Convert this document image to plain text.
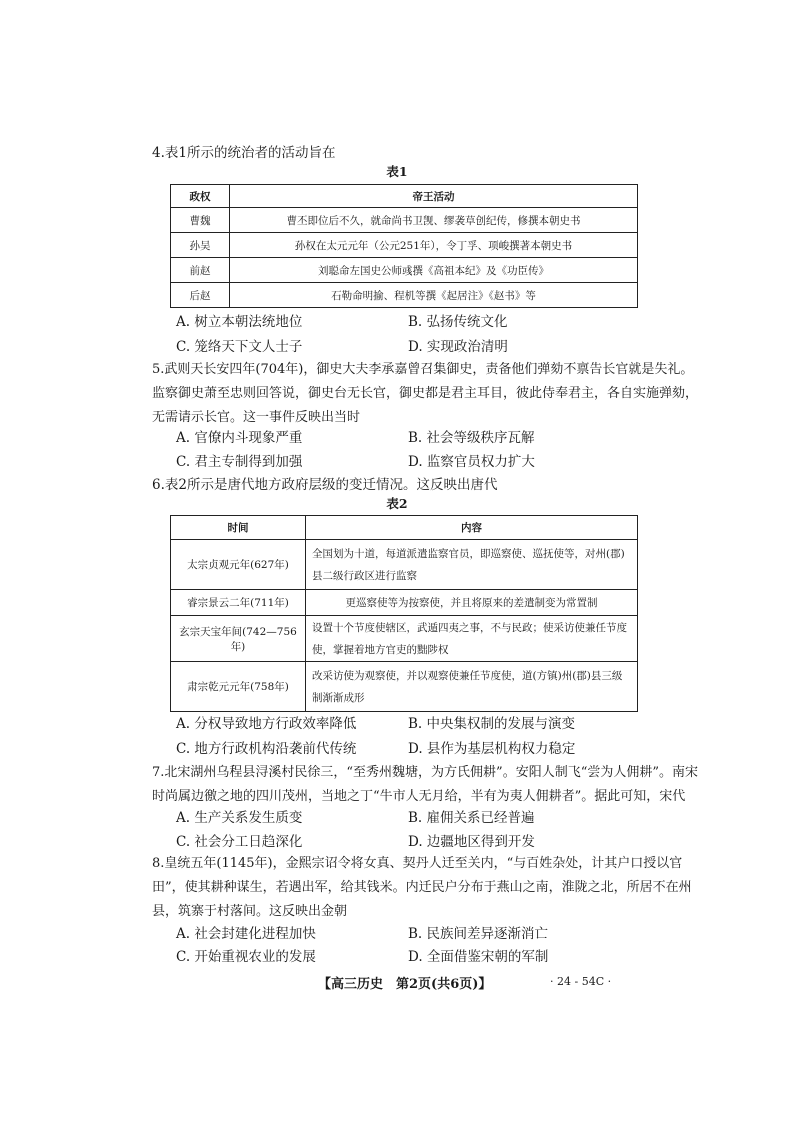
4.表1所示的统治者的活动旨在
表1
政权	帝王活动
曹魏	曹丕即位后不久，就命尚书卫觊、缪袭草创纪传，修撰本朝史书
孙吴	孙权在太元元年（公元251年），令丁孚、项峻撰著本朝史书
前赵	刘聪命左国史公师彧撰《高祖本纪》及《功臣传》
后赵	石勒命明揄、程机等撰《起居注》《赵书》等
A. 树立本朝法统地位	B. 弘扬传统文化
C. 笼络天下文人士子	D. 实现政治清明
5.武则天长安四年(704年)，御史大夫李承嘉曾召集御史，责备他们弹劾不禀告长官就是失礼。
监察御史萧至忠则回答说，御史台无长官，御史都是君主耳目，彼此侍奉君主，各自实施弹劾，
无需请示长官。这一事件反映出当时
A. 官僚内斗现象严重	B. 社会等级秩序瓦解
C. 君主专制得到加强	D. 监察官员权力扩大
6.表2所示是唐代地方政府层级的变迁情况。这反映出唐代
表2
时间	内容
太宗贞观元年(627年)	全国划为十道，每道派遣监察官员，即巡察使、巡抚使等，对州(郡)县二级行政区进行监察
睿宗景云二年(711年)	更巡察使等为按察使，并且将原来的差遣制变为常置制
玄宗天宝年间(742—756年)	设置十个节度使辖区，武遁四夷之事，不与民政；使采访使兼任节度使，掌握着地方官吏的黜陟权
肃宗乾元元年(758年)	改采访使为观察使，并以观察使兼任节度使，道(方镇)州(郡)县三级制渐渐成形
A. 分权导致地方行政效率降低	B. 中央集权制的发展与演变
C. 地方行政机构沿袭前代传统	D. 县作为基层机构权力稳定
7.北宋湖州乌程县浔溪村民徐三，“至秀州魏塘，为方氏佣耕”。安阳人制飞“尝为人佣耕”。南宋
时尚属边徼之地的四川茂州，当地之丁“牛市人无月给，半有为夷人佣耕者”。据此可知，宋代
A. 生产关系发生质变	B. 雇佣关系已经普遍
C. 社会分工日趋深化	D. 边疆地区得到开发
8.皇统五年(1145年)，金熙宗诏令将女真、契丹人迁至关内，“与百姓杂处，计其户口授以官
田”，使其耕种谋生，若遇出军，给其钱米。内迁民户分布于燕山之南，淮陇之北，所居不在州
县，筑寨于村落间。这反映出金朝
A. 社会封建化进程加快	B. 民族间差异逐渐消亡
C. 开始重视农业的发展	D. 全面借鉴宋朝的军制
【高三历史　第2页(共6页)】	· 24 - 54C ·
